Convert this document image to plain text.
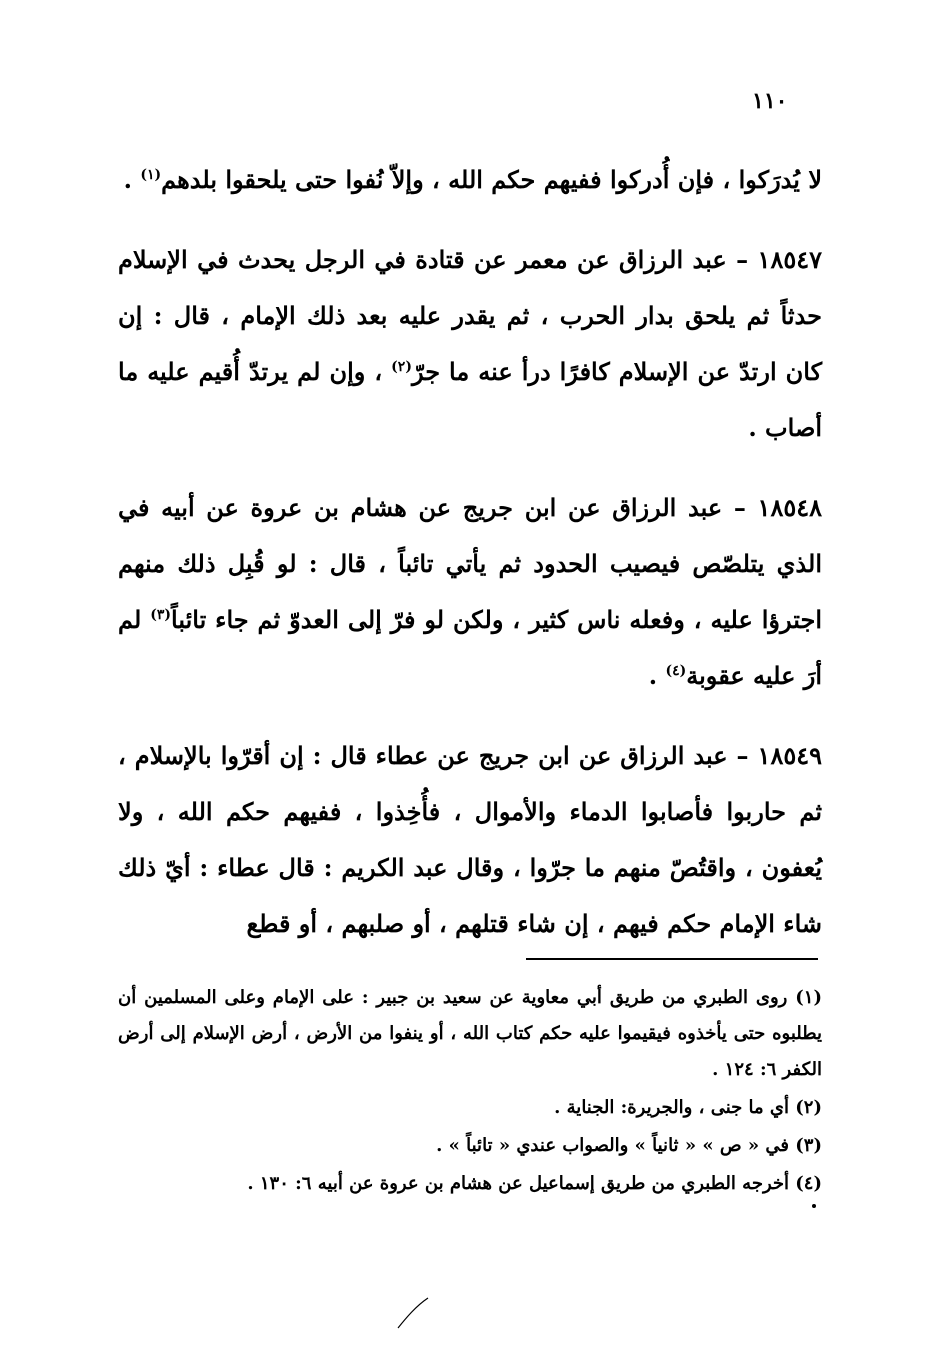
١١٠

لا يُدرَكوا ، فإن أُدركوا ففيهم حكم الله ، وإلاّ نُفوا حتى يلحقوا بلدهم$^{(١)}$ .

١٨٥٤٧ – عبد الرزاق عن معمر عن قتادة في الرجل يحدث في الإسلام حدثاً ثم يلحق بدار الحرب ، ثم يقدر عليه بعد ذلك الإمام ، قال : إن كان ارتدّ عن الإسلام كافرًا درأ عنه ما جرّ$^{(٢)}$ ، وإن لم يرتدّ أُقيم عليه ما أصاب .

١٨٥٤٨ – عبد الرزاق عن ابن جريج عن هشام بن عروة عن أبيه في الذي يتلصّص فيصيب الحدود ثم يأتي تائباً ، قال : لو قُبِل ذلك منهم اجترؤا عليه ، وفعله ناس كثير ، ولكن لو فرّ إلى العدوّ ثم جاء تائباً$^{(٣)}$ لم أرَ عليه عقوبة$^{(٤)}$ .

١٨٥٤٩ – عبد الرزاق عن ابن جريج عن عطاء قال : إن أقرّوا بالإسلام ، ثم حاربوا فأصابوا الدماء والأموال ، فأُخِذوا ، ففيهم حكم الله ، ولا يُعفون ، واقتُصّ منهم ما جرّوا ، وقال عبد الكريم : قال عطاء : أيّ ذلك شاء الإمام حكم فيهم ، إن شاء قتلهم ، أو صلبهم ، أو قطع

(١) روى الطبري من طريق أبي معاوية عن سعيد بن جبير : على الإمام وعلى المسلمين أن يطلبوه حتى يأخذوه فيقيموا عليه حكم كتاب الله ، أو ينفوا من الأرض ، أرض الإسلام إلى أرض الكفر ٦: ١٢٤ .

(٢) أي ما جنى ، والجريرة: الجناية .

(٣) في « ص » « ثانياً » والصواب عندي « تائباً » .

(٤) أخرجه الطبري من طريق إسماعيل عن هشام بن عروة عن أبيه ٦: ١٣٠ .
